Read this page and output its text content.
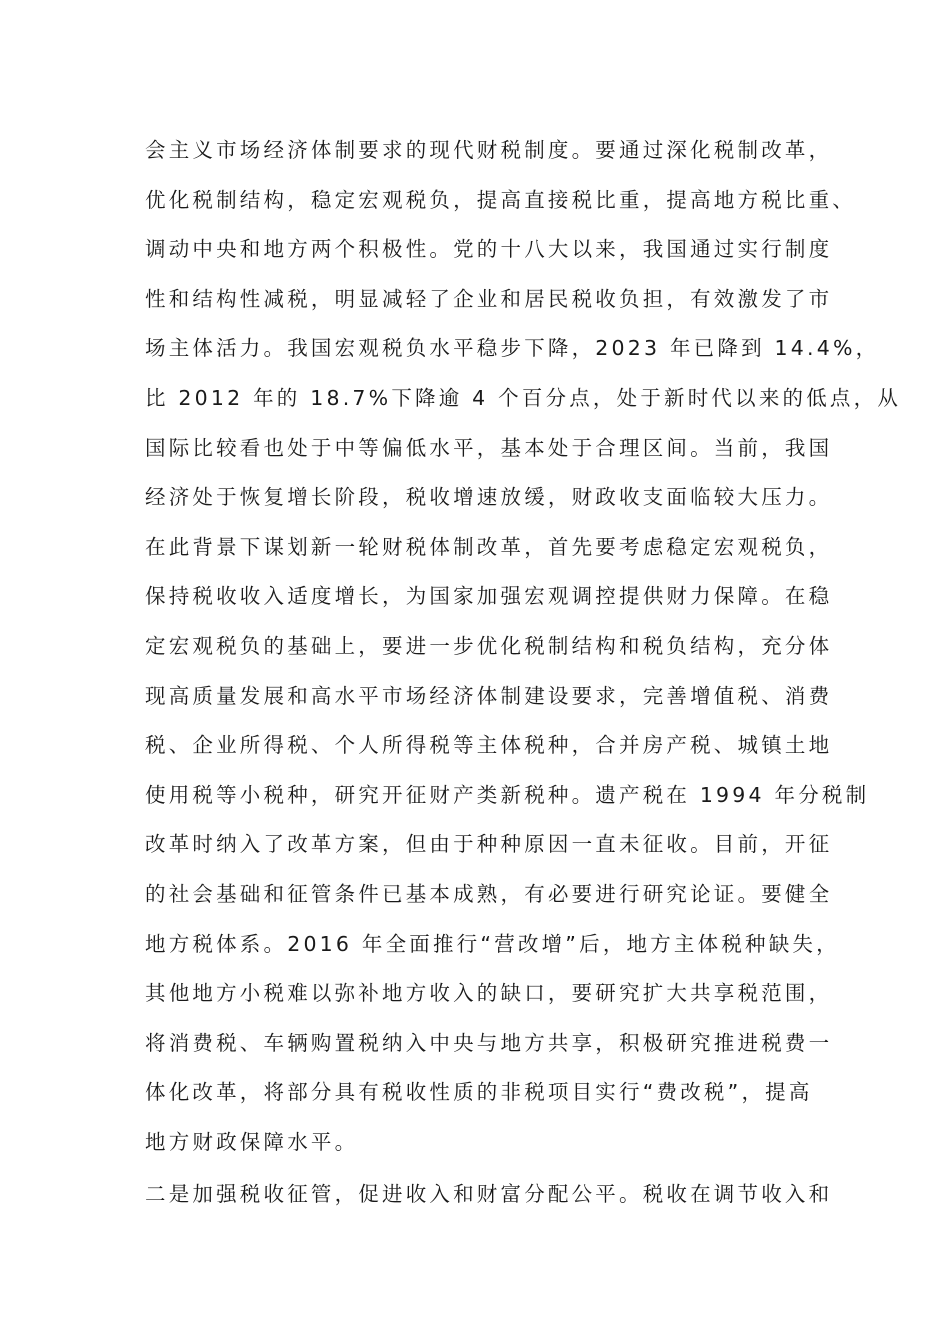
会主义市场经济体制要求的现代财税制度。要通过深化税制改革，
优化税制结构，稳定宏观税负，提高直接税比重，提高地方税比重、
调动中央和地方两个积极性。党的十八大以来，我国通过实行制度
性和结构性减税，明显减轻了企业和居民税收负担，有效激发了市
场主体活力。我国宏观税负水平稳步下降，2023 年已降到 14.4%，
比 2012 年的 18.7%下降逾 4 个百分点，处于新时代以来的低点，从
国际比较看也处于中等偏低水平，基本处于合理区间。当前，我国
经济处于恢复增长阶段，税收增速放缓，财政收支面临较大压力。
在此背景下谋划新一轮财税体制改革，首先要考虑稳定宏观税负，
保持税收收入适度增长，为国家加强宏观调控提供财力保障。在稳
定宏观税负的基础上，要进一步优化税制结构和税负结构，充分体
现高质量发展和高水平市场经济体制建设要求，完善增值税、消费
税、企业所得税、个人所得税等主体税种，合并房产税、城镇土地
使用税等小税种，研究开征财产类新税种。遗产税在 1994 年分税制
改革时纳入了改革方案，但由于种种原因一直未征收。目前，开征
的社会基础和征管条件已基本成熟，有必要进行研究论证。要健全
地方税体系。2016 年全面推行“营改增”后，地方主体税种缺失，
其他地方小税难以弥补地方收入的缺口，要研究扩大共享税范围，
将消费税、车辆购置税纳入中央与地方共享，积极研究推进税费一
体化改革，将部分具有税收性质的非税项目实行“费改税”，提高
地方财政保障水平。
二是加强税收征管，促进收入和财富分配公平。税收在调节收入和
